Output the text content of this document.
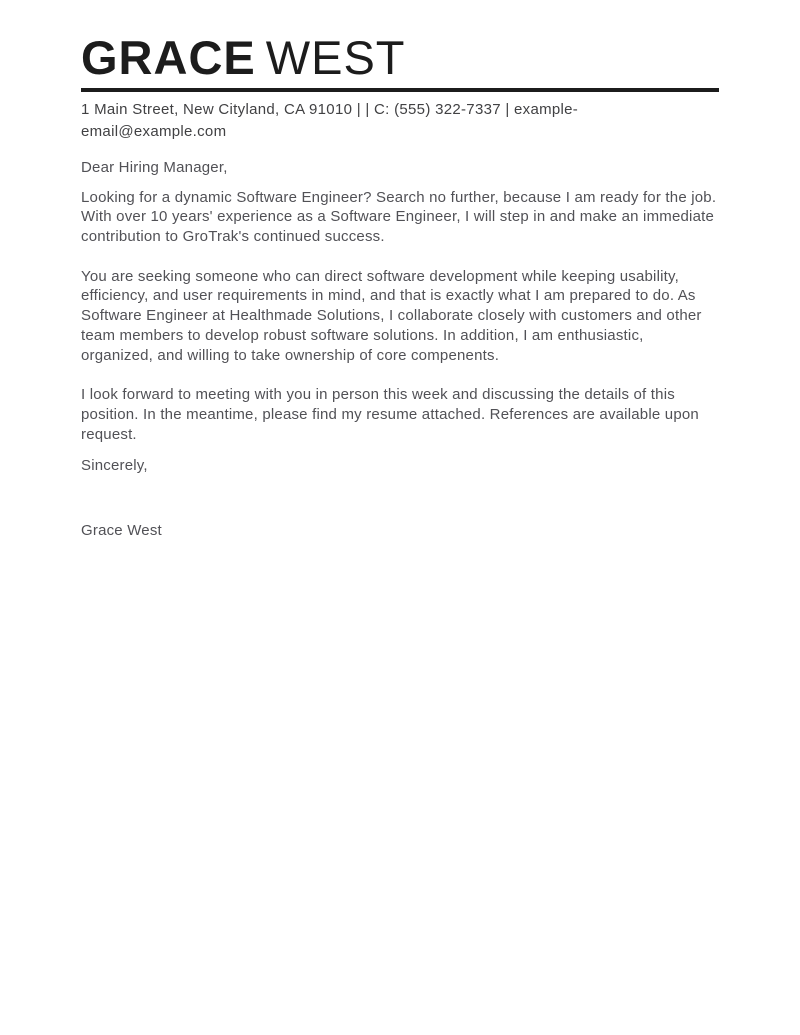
GRACE WEST

1 Main Street, New Cityland, CA 91010 | | C: (555) 322-7337 | example-
email@example.com

Dear Hiring Manager,

Looking for a dynamic Software Engineer? Search no further, because I am ready for the job. With over 10 years' experience as a Software Engineer, I will step in and make an immediate contribution to GroTrak's continued success.

You are seeking someone who can direct software development while keeping usability, efficiency, and user requirements in mind, and that is exactly what I am prepared to do. As Software Engineer at Healthmade Solutions, I collaborate closely with customers and other team members to develop robust software solutions. In addition, I am enthusiastic, organized, and willing to take ownership of core compenents.

I look forward to meeting with you in person this week and discussing the details of this position. In the meantime, please find my resume attached. References are available upon request.

Sincerely,

Grace West
